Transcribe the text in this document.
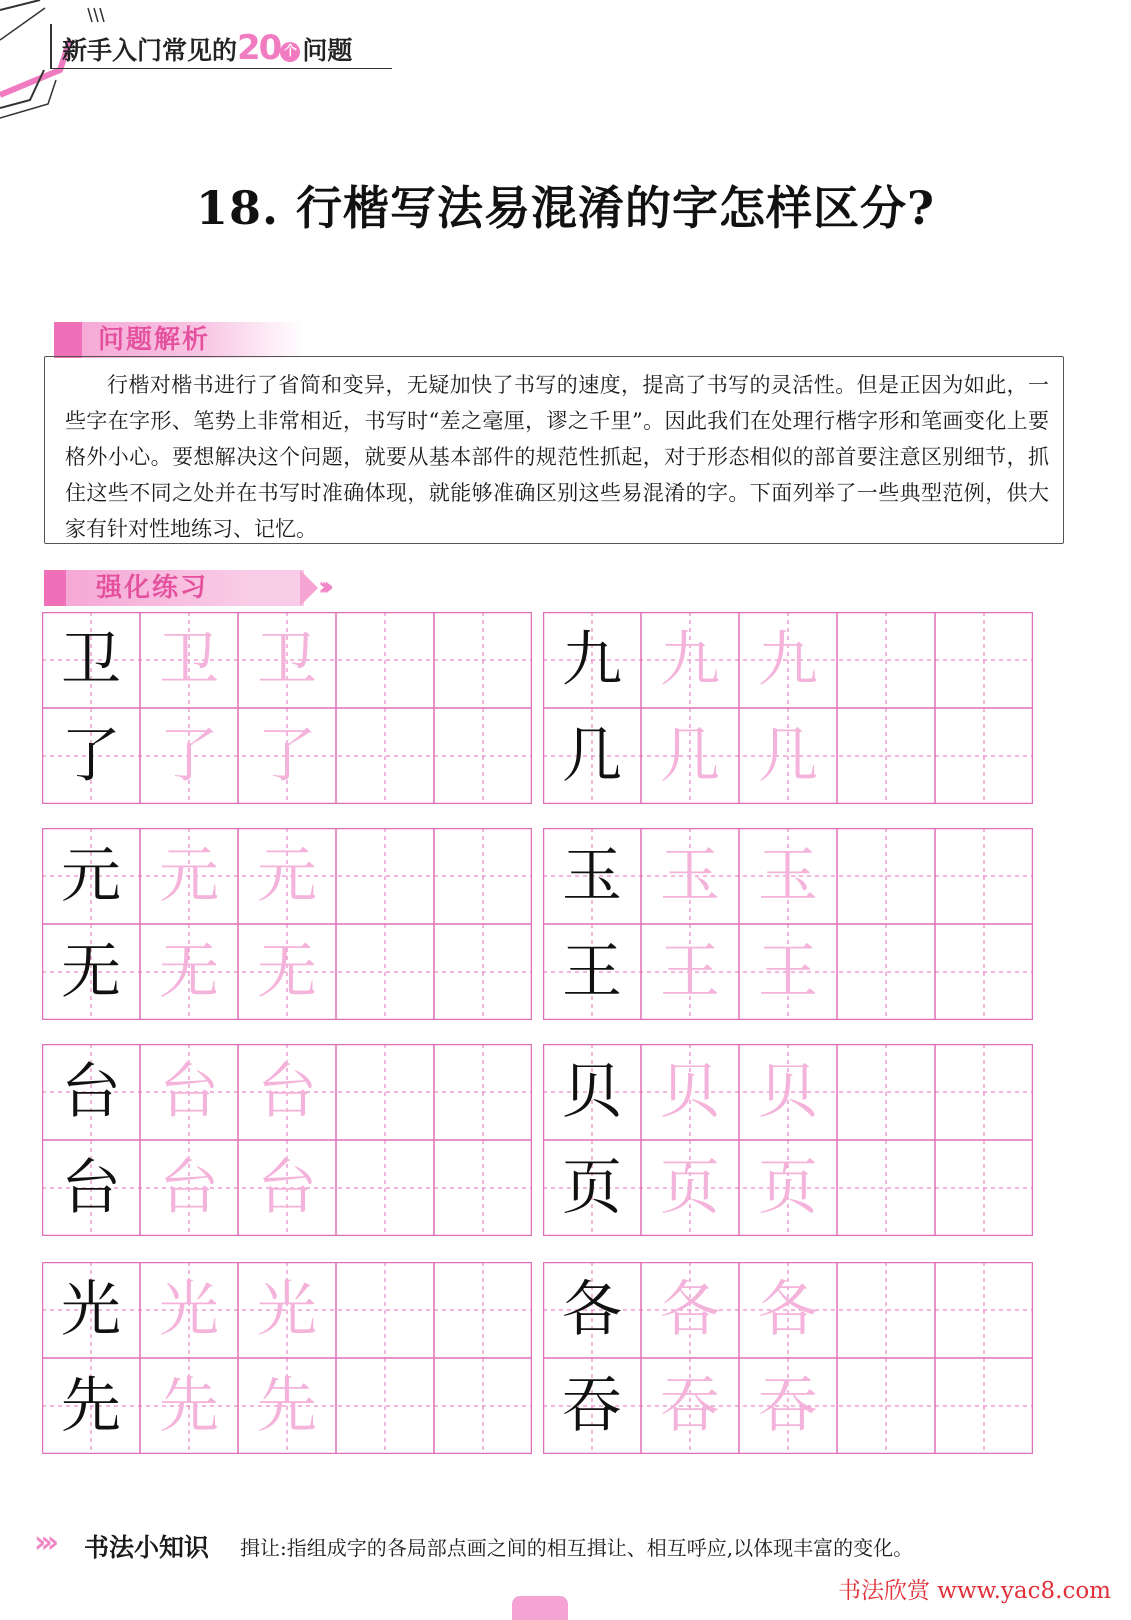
新手入门常见的20 个 问题
18. 行楷写法易混淆的字怎样区分?
问题解析

行楷对楷书进行了省简和变异，无疑加快了书写的速度，提高了书写的灵活性。但是正因为如此，一些字在字形、笔势上非常相近，书写时“差之毫厘，谬之千里”。因此我们在处理行楷字形和笔画变化上要格外小心。要想解决这个问题，就要从基本部件的规范性抓起，对于形态相似的部首要注意区别细节，抓住这些不同之处并在书写时准确体现，就能够准确区别这些易混淆的字。下面列举了一些典型范例，供大家有针对性地练习、记忆。

强化练习	›››
卫 卫 卫
了 了 了
九 九 九
几 几 几
元 元 元
无 无 无
玉 玉 玉
王 王 王
台 台 台
台 台 台
贝 贝 贝
页 页 页
光 光 光
先 先 先
各 各 各
吞 吞 吞
››› 书法小知识 揖让:指组成字的各局部点画之间的相互揖让、相互呼应,以体现丰富的变化。
书法欣赏 www.yac8.com
